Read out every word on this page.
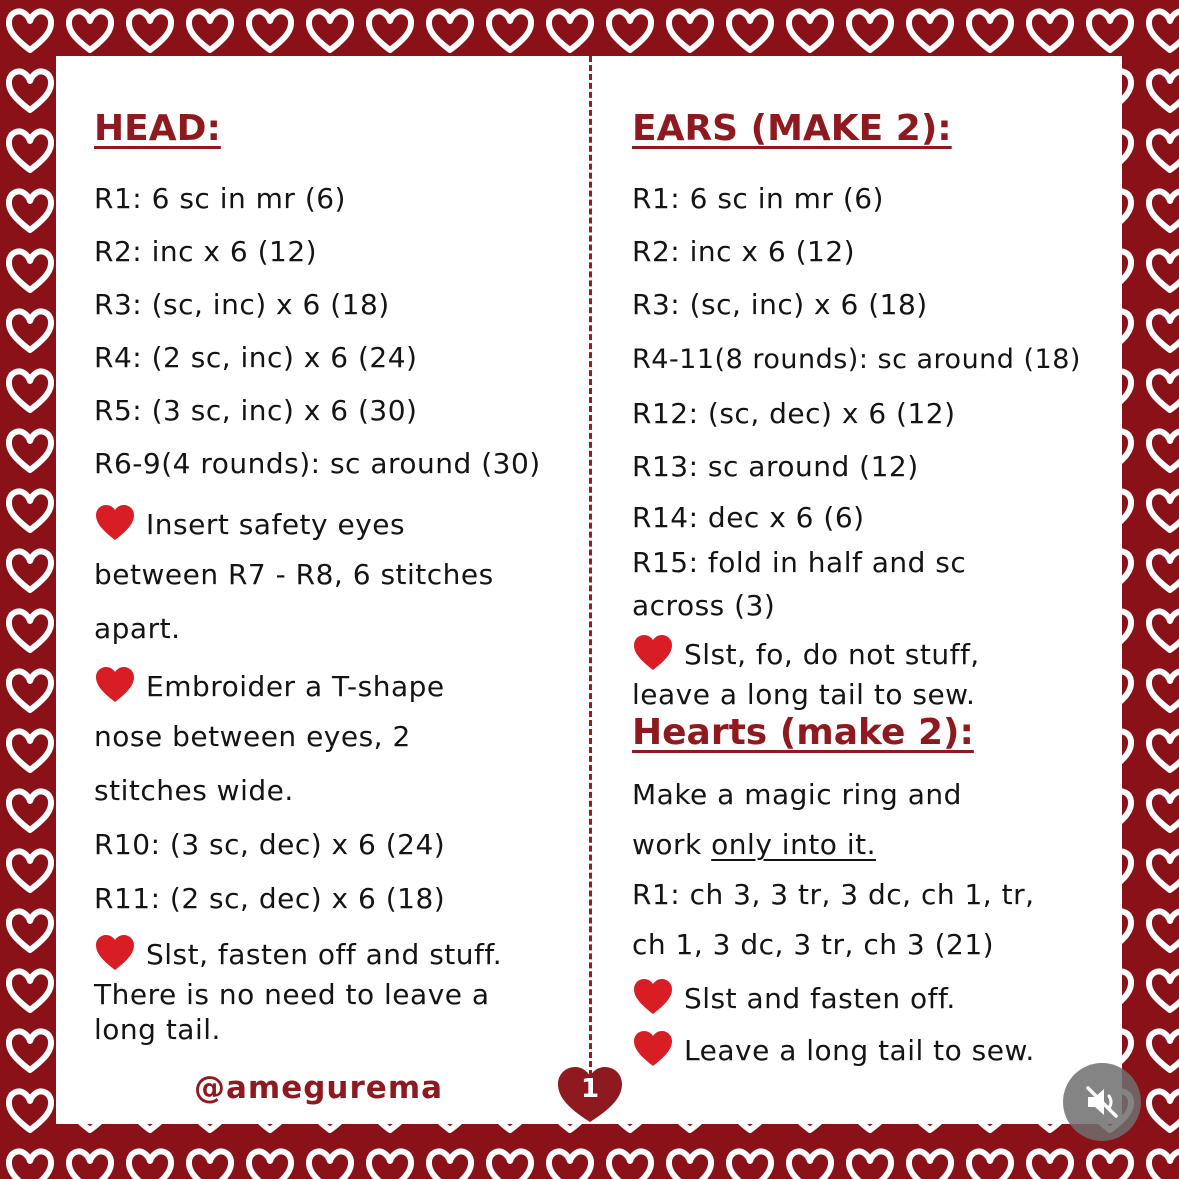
HEAD:

R1: 6 sc in mr (6)

R2: inc x 6 (12)

R3: (sc, inc) x 6 (18)

R4: (2 sc, inc) x 6 (24)

R5: (3 sc, inc) x 6 (30)

R6-9(4 rounds): sc around (30)

Insert safety eyes

between R7 - R8, 6 stitches

apart.

Embroider a T-shape

nose between eyes, 2

stitches wide.

R10: (3 sc, dec) x 6 (24)

R11: (2 sc, dec) x 6 (18)

Slst, fasten off and stuff.

There is no need to leave a

long tail.

EARS (MAKE 2):

R1: 6 sc in mr (6)

R2: inc x 6 (12)

R3: (sc, inc) x 6 (18)

R4-11(8 rounds): sc around (18)

R12: (sc, dec) x 6 (12)

R13: sc around (12)

R14: dec x 6 (6)

R15: fold in half and sc

across (3)

Slst, fo, do not stuff,

leave a long tail to sew.

Hearts (make 2):

Make a magic ring and

work only into it.

R1: ch 3, 3 tr, 3 dc, ch 1, tr,

ch 1, 3 dc, 3 tr, ch 3 (21)

Slst and fasten off.

Leave a long tail to sew.

@amegurema	1
